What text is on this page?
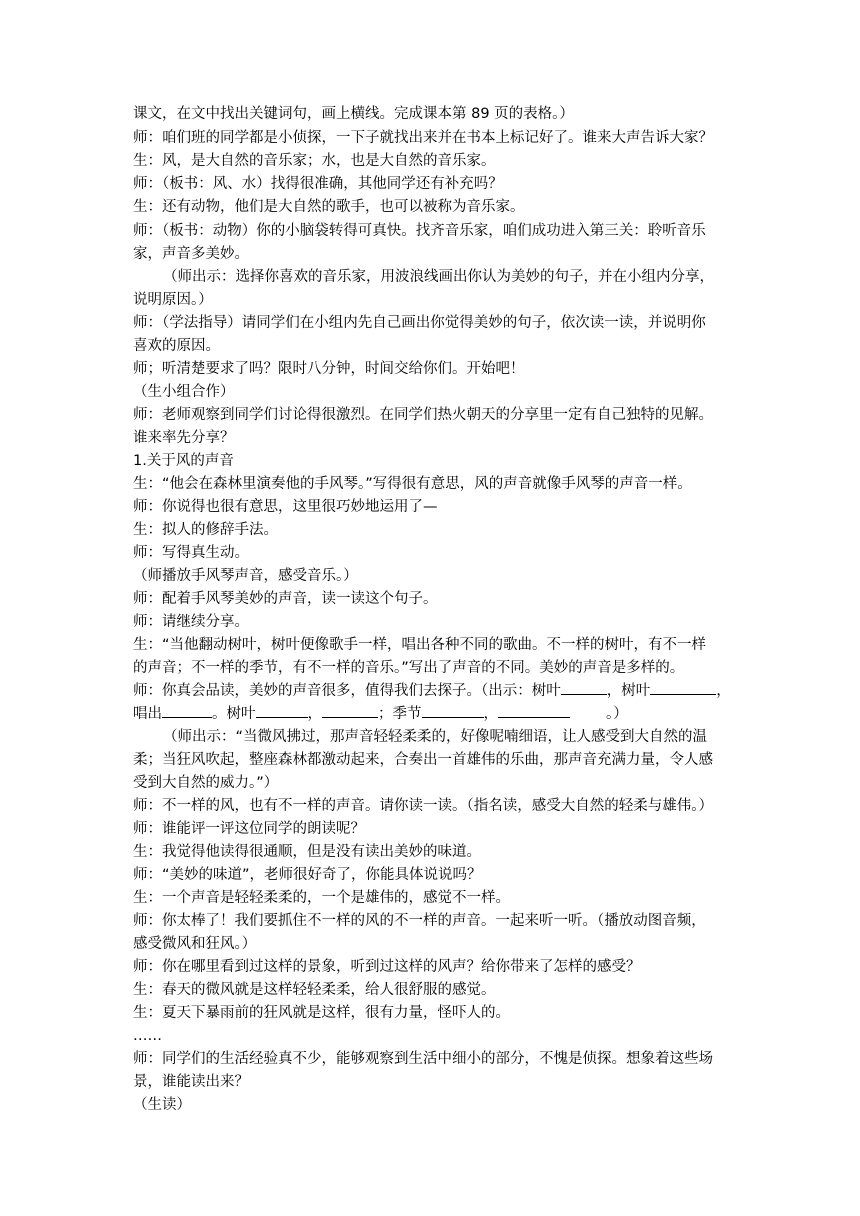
课文，在文中找出关键词句，画上横线。完成课本第 89 页的表格。）
师：咱们班的同学都是小侦探，一下子就找出来并在书本上标记好了。谁来大声告诉大家？
生：风，是大自然的音乐家；水，也是大自然的音乐家。
师：（板书：风、水）找得很准确，其他同学还有补充吗？
生：还有动物，他们是大自然的歌手，也可以被称为音乐家。
师：（板书：动物）你的小脑袋转得可真快。找齐音乐家，咱们成功进入第三关：聆听音乐
家，声音多美妙。
（师出示：选择你喜欢的音乐家，用波浪线画出你认为美妙的句子，并在小组内分享，
说明原因。）
师：（学法指导）请同学们在小组内先自己画出你觉得美妙的句子，依次读一读，并说明你
喜欢的原因。
师；听清楚要求了吗？限时八分钟，时间交给你们。开始吧！
（生小组合作）
师：老师观察到同学们讨论得很激烈。在同学们热火朝天的分享里一定有自己独特的见解。
谁来率先分享？
1.关于风的声音
生：“他会在森林里演奏他的手风琴。”写得很有意思，风的声音就像手风琴的声音一样。
师：你说得也很有意思，这里很巧妙地运用了—
生：拟人的修辞手法。
师：写得真生动。
（师播放手风琴声音，感受音乐。）
师：配着手风琴美妙的声音，读一读这个句子。
师：请继续分享。
生：“当他翻动树叶，树叶便像歌手一样，唱出各种不同的歌曲。不一样的树叶，有不一样
的声音；不一样的季节，有不一样的音乐。”写出了声音的不同。美妙的声音是多样的。
师：你真会品读，美妙的声音很多，值得我们去探子。（出示：树叶	，树叶	，
唱出	。树叶	，	；季节	，	。）
（师出示：“当微风拂过，那声音轻轻柔柔的，好像呢喃细语，让人感受到大自然的温
柔；当狂风吹起，整座森林都激动起来，合奏出一首雄伟的乐曲，那声音充满力量，令人感
受到大自然的威力。”）
师：不一样的风，也有不一样的声音。请你读一读。（指名读，感受大自然的轻柔与雄伟。）
师：谁能评一评这位同学的朗读呢？
生：我觉得他读得很通顺，但是没有读出美妙的味道。
师：“美妙的味道”，老师很好奇了，你能具体说说吗？
生：一个声音是轻轻柔柔的，一个是雄伟的，感觉不一样。
师：你太棒了！我们要抓住不一样的风的不一样的声音。一起来听一听。（播放动图音频，
感受微风和狂风。）
师：你在哪里看到过这样的景象，听到过这样的风声？给你带来了怎样的感受？
生：春天的微风就是这样轻轻柔柔，给人很舒服的感觉。
生：夏天下暴雨前的狂风就是这样，很有力量，怪吓人的。
……
师：同学们的生活经验真不少，能够观察到生活中细小的部分，不愧是侦探。想象着这些场
景，谁能读出来？
（生读）
